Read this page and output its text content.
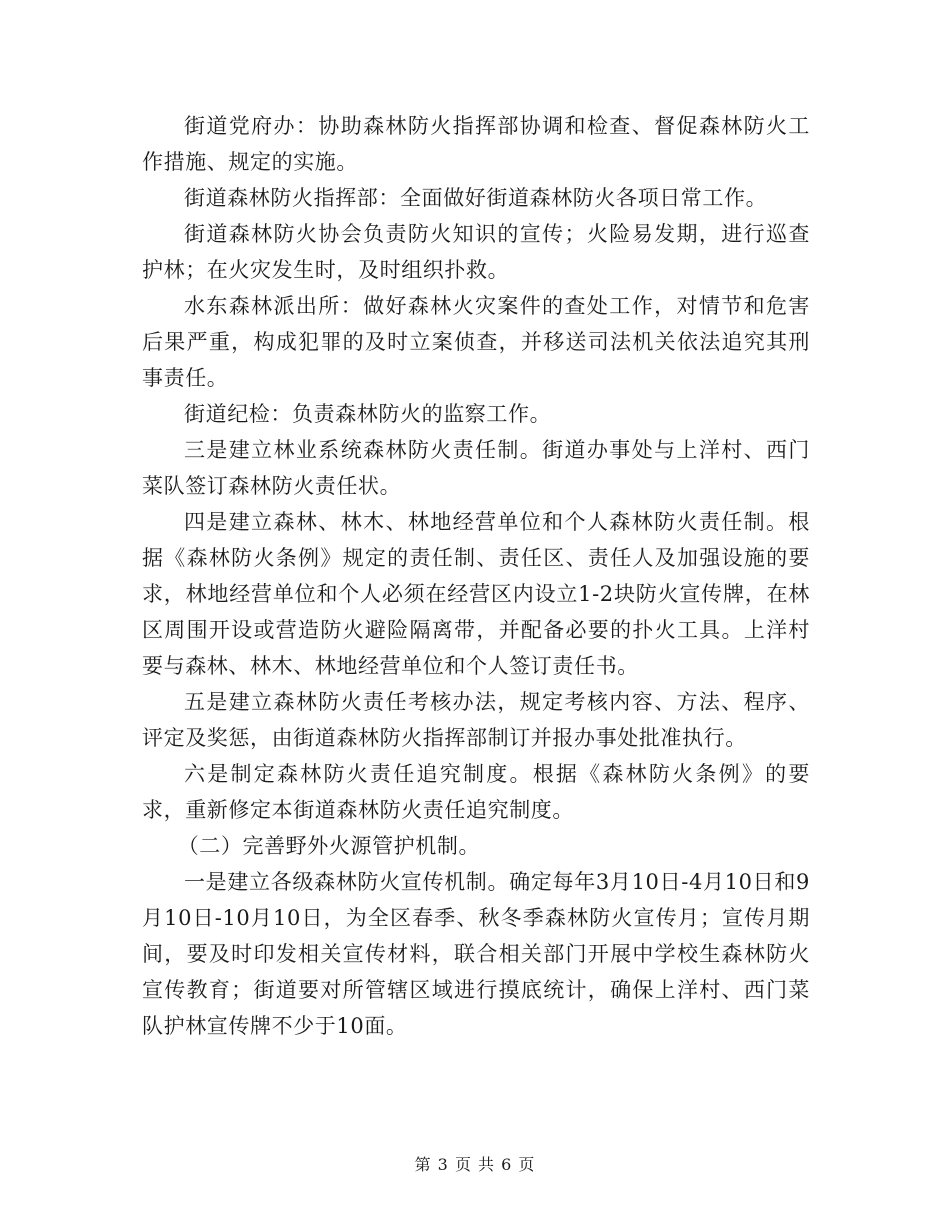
街道党府办：协助森林防火指挥部协调和检查、督促森林防火工作措施、规定的实施。

街道森林防火指挥部：全面做好街道森林防火各项日常工作。

街道森林防火协会负责防火知识的宣传；火险易发期，进行巡查护林；在火灾发生时，及时组织扑救。

水东森林派出所：做好森林火灾案件的查处工作，对情节和危害后果严重，构成犯罪的及时立案侦查，并移送司法机关依法追究其刑事责任。

街道纪检：负责森林防火的监察工作。

三是建立林业系统森林防火责任制。街道办事处与上洋村、西门菜队签订森林防火责任状。

四是建立森林、林木、林地经营单位和个人森林防火责任制。根据《森林防火条例》规定的责任制、责任区、责任人及加强设施的要求，林地经营单位和个人必须在经营区内设立1-2块防火宣传牌，在林区周围开设或营造防火避险隔离带，并配备必要的扑火工具。上洋村要与森林、林木、林地经营单位和个人签订责任书。

五是建立森林防火责任考核办法，规定考核内容、方法、程序、评定及奖惩，由街道森林防火指挥部制订并报办事处批准执行。

六是制定森林防火责任追究制度。根据《森林防火条例》的要求，重新修定本街道森林防火责任追究制度。

（二）完善野外火源管护机制。

一是建立各级森林防火宣传机制。确定每年3月10日-4月10日和9月10日-10月10日，为全区春季、秋冬季森林防火宣传月；宣传月期间，要及时印发相关宣传材料，联合相关部门开展中学校生森林防火宣传教育；街道要对所管辖区域进行摸底统计，确保上洋村、西门菜队护林宣传牌不少于10面。

第 3 页 共 6 页
